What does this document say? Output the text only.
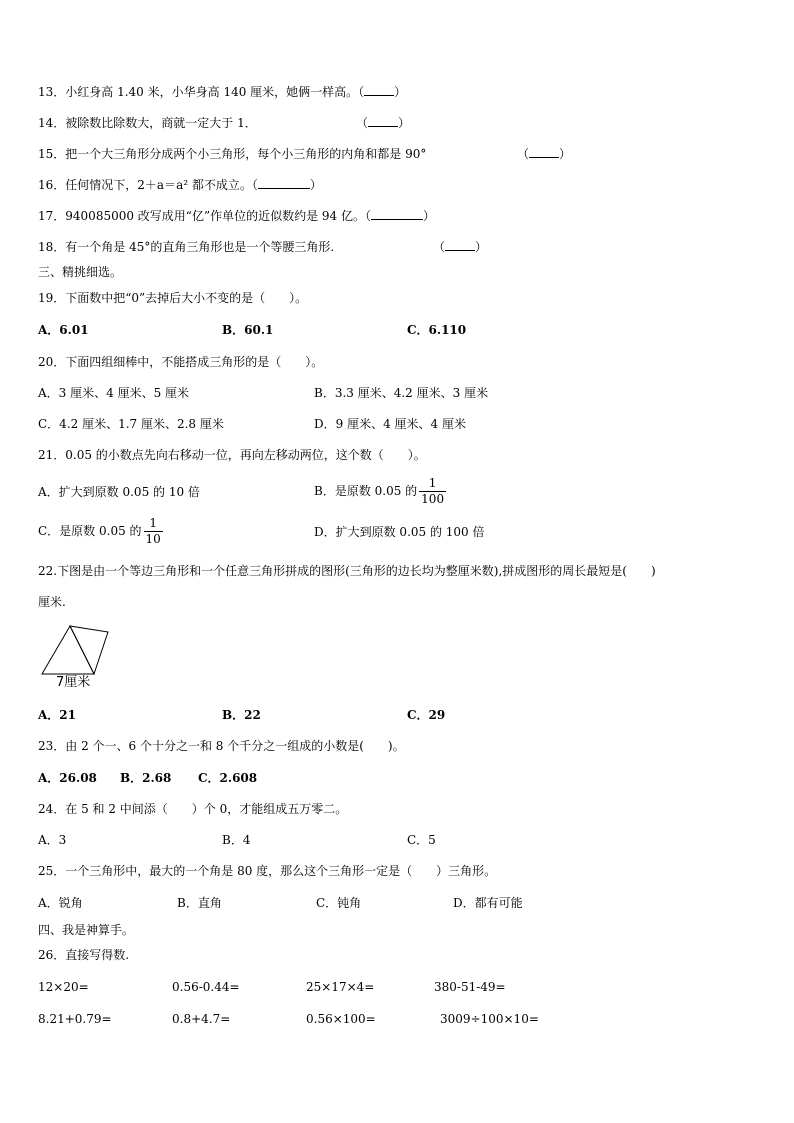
13．小红身高 1.40 米，小华身高 140 厘米，她俩一样高。（	）
14．被除数比除数大，商就一定大于 1．	（	）
15．把一个大三角形分成两个小三角形，每个小三角形的内角和都是 90°	（	）
16．任何情况下，2＋a＝a² 都不成立。（	）
17．940085000 改写成用“亿”作单位的近似数约是 94 亿。（	）
18．有一个角是 45°的直角三角形也是一个等腰三角形.	（	）
三、精挑细选。
19．下面数中把“0”去掉后大小不变的是（　　）。
A．6.01	B．60.1	C．6.110
20．下面四组细棒中，不能搭成三角形的是（　　）。
A．3 厘米、4 厘米、5 厘米	B．3.3 厘米、4.2 厘米、3 厘米
C．4.2 厘米、1.7 厘米、2.8 厘米	D．9 厘米、4 厘米、4 厘米
21．0.05 的小数点先向右移动一位，再向左移动两位，这个数（　　）。
A．扩大到原数 0.05 的 10 倍	B．是原数 0.05 的 $\frac{1}{100}$
C．是原数 0.05 的 $\frac{1}{10}$	D．扩大到原数 0.05 的 100 倍
22.下图是由一个等边三角形和一个任意三角形拼成的图形(三角形的边长均为整厘米数),拼成图形的周长最短是(　　)
厘米.
7厘米
A．21	B．22	C．29
23．由 2 个一、6 个十分之一和 8 个千分之一组成的小数是(　　)。
A．26.08 B．2.68 C．2.608
24．在 5 和 2 中间添（　　）个 0，才能组成五万零二。
A．3	B．4	C．5
25．一个三角形中，最大的一个角是 80 度，那么这个三角形一定是（　　）三角形。
A．锐角	B．直角	C．钝角	D．都有可能
四、我是神算手。
26．直接写得数.
12×20=	0.56-0.44=	25×17×4=	380-51-49=
8.21+0.79=	0.8+4.7=	0.56×100=	3009÷100×10=
